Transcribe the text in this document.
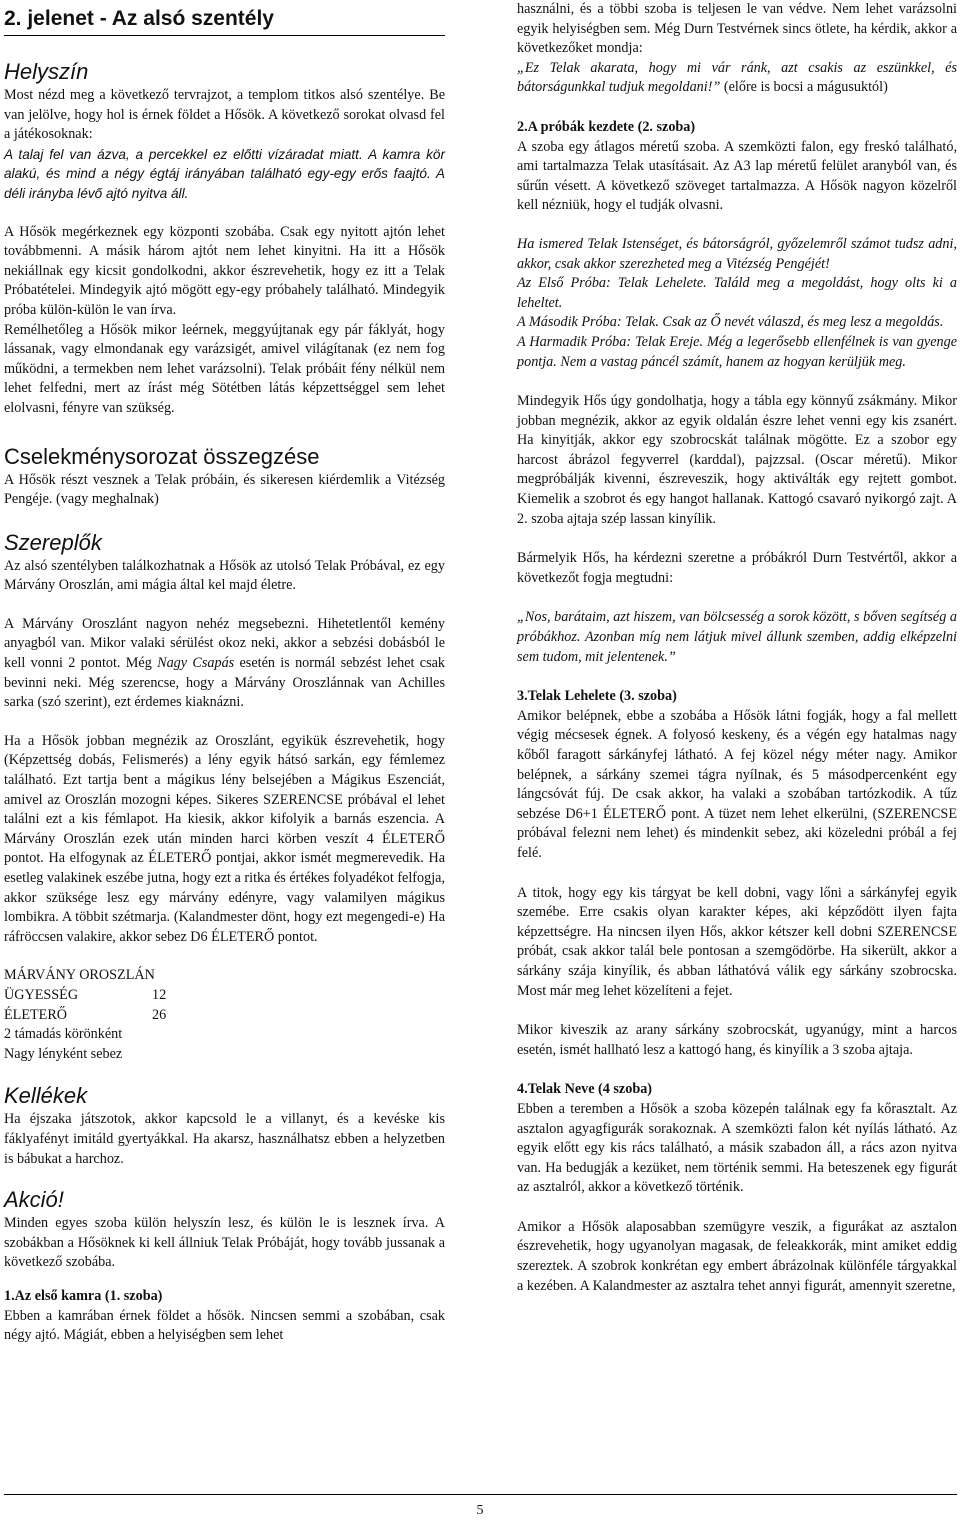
2. jelenet - Az alsó szentély
Helyszín

Most nézd meg a következő tervrajzot, a templom titkos alsó szentélye. Be van jelölve, hogy hol is érnek földet a Hősök. A következő sorokat olvasd fel a játékosoknak:

A talaj fel van ázva, a percekkel ez előtti vízáradat miatt. A kamra kör alakú, és mind a négy égtáj irányában található egy-egy erős faajtó. A déli irányba lévő ajtó nyitva áll.

A Hősök megérkeznek egy központi szobába. Csak egy nyitott ajtón lehet továbbmenni. A másik három ajtót nem lehet kinyitni. Ha itt a Hősök nekiállnak egy kicsit gondolkodni, akkor észrevehetik, hogy ez itt a Telak Próbatételei. Mindegyik ajtó mögött egy-egy próbahely található. Mindegyik próba külön-külön le van írva.

Remélhetőleg a Hősök mikor leérnek, meggyújtanak egy pár fáklyát, hogy lássanak, vagy elmondanak egy varázsigét, amivel világítanak (ez nem fog működni, a termekben nem lehet varázsolni). Telak próbáit fény nélkül nem lehet felfedni, mert az írást még Sötétben látás képzettséggel sem lehet elolvasni, fényre van szükség.

Cselekménysorozat összegzése

A Hősök részt vesznek a Telak próbáin, és sikeresen kiérdemlik a Vitézség Pengéje. (vagy meghalnak)

Szereplők

Az alsó szentélyben találkozhatnak a Hősök az utolsó Telak Próbával, ez egy Márvány Oroszlán, ami mágia által kel majd életre.

A Márvány Oroszlánt nagyon nehéz megsebezni. Hihetetlentől kemény anyagból van. Mikor valaki sérülést okoz neki, akkor a sebzési dobásból le kell vonni 2 pontot. Még Nagy Csapás esetén is normál sebzést lehet csak bevinni neki. Még szerencse, hogy a Márvány Oroszlánnak van Achilles sarka (szó szerint), ezt érdemes kiaknázni.

Ha a Hősök jobban megnézik az Oroszlánt, egyikük észrevehetik, hogy (Képzettség dobás, Felismerés) a lény egyik hátsó sarkán, egy fémlemez található. Ezt tartja bent a mágikus lény belsejében a Mágikus Eszenciát, amivel az Oroszlán mozogni képes. Sikeres SZERENCSE próbával el lehet találni ezt a kis fémlapot. Ha kiesik, akkor kifolyik a barnás eszencia. A Márvány Oroszlán ezek után minden harci körben veszít 4 ÉLETERŐ pontot. Ha elfogynak az ÉLETERŐ pontjai, akkor ismét megmerevedik. Ha esetleg valakinek eszébe jutna, hogy ezt a ritka és értékes folyadékot felfogja, akkor szüksége lesz egy márvány edényre, vagy valamilyen mágikus lombikra. A többit szétmarja. (Kalandmester dönt, hogy ezt megengedi-e) Ha ráfröccsen valakire, akkor sebez D6 ÉLETERŐ pontot.

MÁRVÁNY OROSZLÁN
ÜGYESSÉG	12
ÉLETERŐ	26
2 támadás körönként
Nagy lényként sebez
Kellékek

Ha éjszaka játszotok, akkor kapcsold le a villanyt, és a kevéske kis fáklyafényt imitáld gyertyákkal. Ha akarsz, használhatsz ebben a helyzetben is bábukat a harchoz.

Akció!

Minden egyes szoba külön helyszín lesz, és külön le is lesznek írva. A szobákban a Hősöknek ki kell állniuk Telak Próbáját, hogy tovább jussanak a következő szobába.

1.Az első kamra (1. szoba)

Ebben a kamrában érnek földet a hősök. Nincsen semmi a szobában, csak négy ajtó. Mágiát, ebben a helyiségben sem lehet

használni, és a többi szoba is teljesen le van védve. Nem lehet varázsolni egyik helyiségben sem. Még Durn Testvérnek sincs ötlete, ha kérdik, akkor a következőket mondja:

„Ez Telak akarata, hogy mi vár ránk, azt csakis az eszünkkel, és bátorságunkkal tudjuk megoldani!” (előre is bocsi a mágusuktól)

2.A próbák kezdete (2. szoba)

A szoba egy átlagos méretű szoba. A szemközti falon, egy freskó található, ami tartalmazza Telak utasításait. Az A3 lap méretű felület aranyból van, és sűrűn vésett. A következő szöveget tartalmazza. A Hősök nagyon közelről kell nézniük, hogy el tudják olvasni.

Ha ismered Telak Istenséget, és bátorságról, győzelemről számot tudsz adni, akkor, csak akkor szerezheted meg a Vitézség Pengéjét!

Az Első Próba: Telak Lehelete. Találd meg a megoldást, hogy olts ki a leheltet.

A Második Próba: Telak. Csak az Ő nevét válaszd, és meg lesz a megoldás.

A Harmadik Próba: Telak Ereje. Még a legerősebb ellenfélnek is van gyenge pontja. Nem a vastag páncél számít, hanem az hogyan kerüljük meg.

Mindegyik Hős úgy gondolhatja, hogy a tábla egy könnyű zsákmány. Mikor jobban megnézik, akkor az egyik oldalán észre lehet venni egy kis zsanért. Ha kinyitják, akkor egy szobrocskát találnak mögötte. Ez a szobor egy harcost ábrázol fegyverrel (karddal), pajzzsal. (Oscar méretű). Mikor megpróbálják kivenni, észreveszik, hogy aktiválták egy rejtett gombot. Kiemelik a szobrot és egy hangot hallanak. Kattogó csavaró nyikorgó zajt. A 2. szoba ajtaja szép lassan kinyílik.

Bármelyik Hős, ha kérdezni szeretne a próbákról Durn Testvértől, akkor a következőt fogja megtudni:

„Nos, barátaim, azt hiszem, van bölcsesség a sorok között, s bőven segítség a próbákhoz. Azonban míg nem látjuk mivel állunk szemben, addig elképzelni sem tudom, mit jelentenek.”

3.Telak Lehelete (3. szoba)

Amikor belépnek, ebbe a szobába a Hősök látni fogják, hogy a fal mellett végig mécsesek égnek. A folyosó keskeny, és a végén egy hatalmas nagy kőből faragott sárkányfej látható. A fej közel négy méter nagy. Amikor belépnek, a sárkány szemei tágra nyílnak, és 5 másodpercenként egy lángcsóvát fúj. De csak akkor, ha valaki a szobában tartózkodik. A tűz sebzése D6+1 ÉLETERŐ pont. A tüzet nem lehet elkerülni, (SZERENCSE próbával felezni nem lehet) és mindenkit sebez, aki közeledni próbál a fej felé.

A titok, hogy egy kis tárgyat be kell dobni, vagy lőni a sárkányfej egyik szemébe. Erre csakis olyan karakter képes, aki képződött ilyen fajta képzettségre. Ha nincsen ilyen Hős, akkor kétszer kell dobni SZERENCSE próbát, csak akkor talál bele pontosan a szemgödörbe. Ha sikerült, akkor a sárkány szája kinyílik, és abban láthatóvá válik egy sárkány szobrocska. Most már meg lehet közelíteni a fejet.

Mikor kiveszik az arany sárkány szobrocskát, ugyanúgy, mint a harcos esetén, ismét hallható lesz a kattogó hang, és kinyílik a 3 szoba ajtaja.

4.Telak Neve (4 szoba)

Ebben a teremben a Hősök a szoba közepén találnak egy fa kőrasztalt. Az asztalon agyagfigurák sorakoznak. A szemközti falon két nyílás látható. Az egyik előtt egy kis rács található, a másik szabadon áll, a rács azon nyitva van. Ha bedugják a kezüket, nem történik semmi. Ha beteszenek egy figurát az asztalról, akkor a következő történik.

Amikor a Hősök alaposabban szemügyre veszik, a figurákat az asztalon észrevehetik, hogy ugyanolyan magasak, de feleakkorák, mint amiket eddig szereztek. A szobrok konkrétan egy embert ábrázolnak különféle tárgyakkal a kezében. A Kalandmester az asztalra tehet annyi figurát, amennyit szeretne,

5
